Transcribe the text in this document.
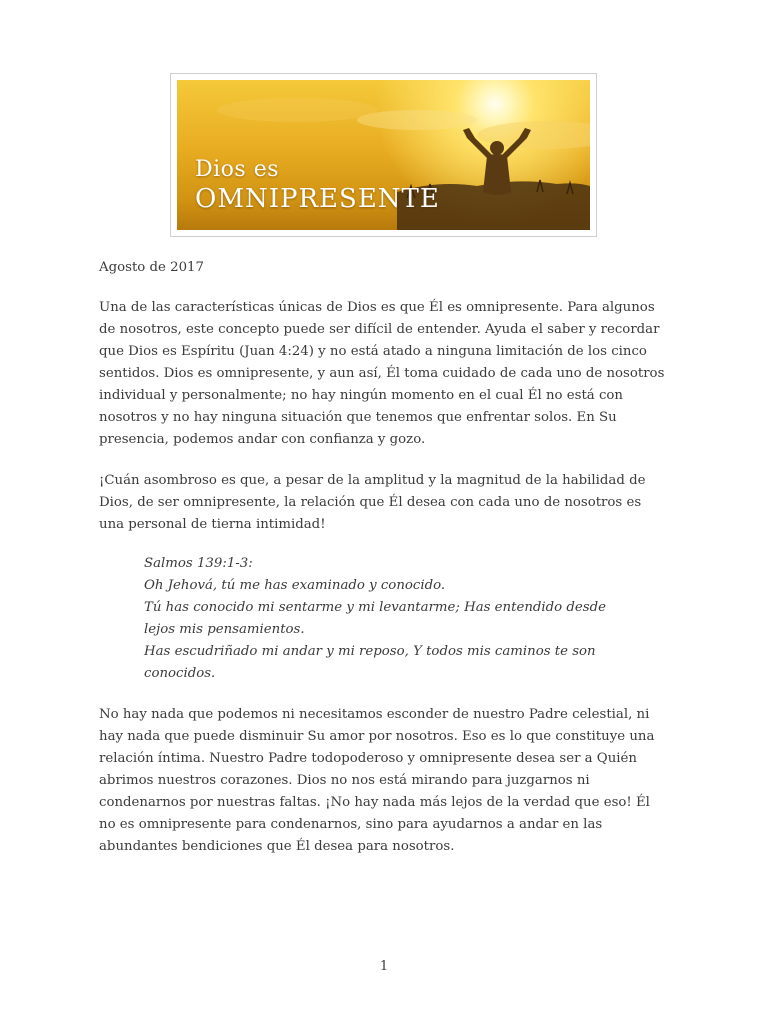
Dios es
OMNIPRESENTE

Agosto de 2017

Una de las características únicas de Dios es que Él es omnipresente. Para algunos de nosotros, este concepto puede ser difícil de entender. Ayuda el saber y recordar que Dios es Espíritu (Juan 4:24) y no está atado a ninguna limitación de los cinco sentidos. Dios es omnipresente, y aun así, Él toma cuidado de cada uno de nosotros individual y personalmente; no hay ningún momento en el cual Él no está con nosotros y no hay ninguna situación que tenemos que enfrentar solos. En Su presencia, podemos andar con confianza y gozo.

¡Cuán asombroso es que, a pesar de la amplitud y la magnitud de la habilidad de Dios, de ser omnipresente, la relación que Él desea con cada uno de nosotros es una personal de tierna intimidad!

Salmos 139:1-3:

Oh Jehová, tú me has examinado y conocido.

Tú has conocido mi sentarme y mi levantarme; Has entendido desde lejos mis pensamientos.

Has escudriñado mi andar y mi reposo, Y todos mis caminos te son conocidos.

No hay nada que podemos ni necesitamos esconder de nuestro Padre celestial, ni hay nada que puede disminuir Su amor por nosotros. Eso es lo que constituye una relación íntima. Nuestro Padre todopoderoso y omnipresente desea ser a Quién abrimos nuestros corazones. Dios no nos está mirando para juzgarnos ni condenarnos por nuestras faltas. ¡No hay nada más lejos de la verdad que eso! Él no es omnipresente para condenarnos, sino para ayudarnos a andar en las abundantes bendiciones que Él desea para nosotros.

1
